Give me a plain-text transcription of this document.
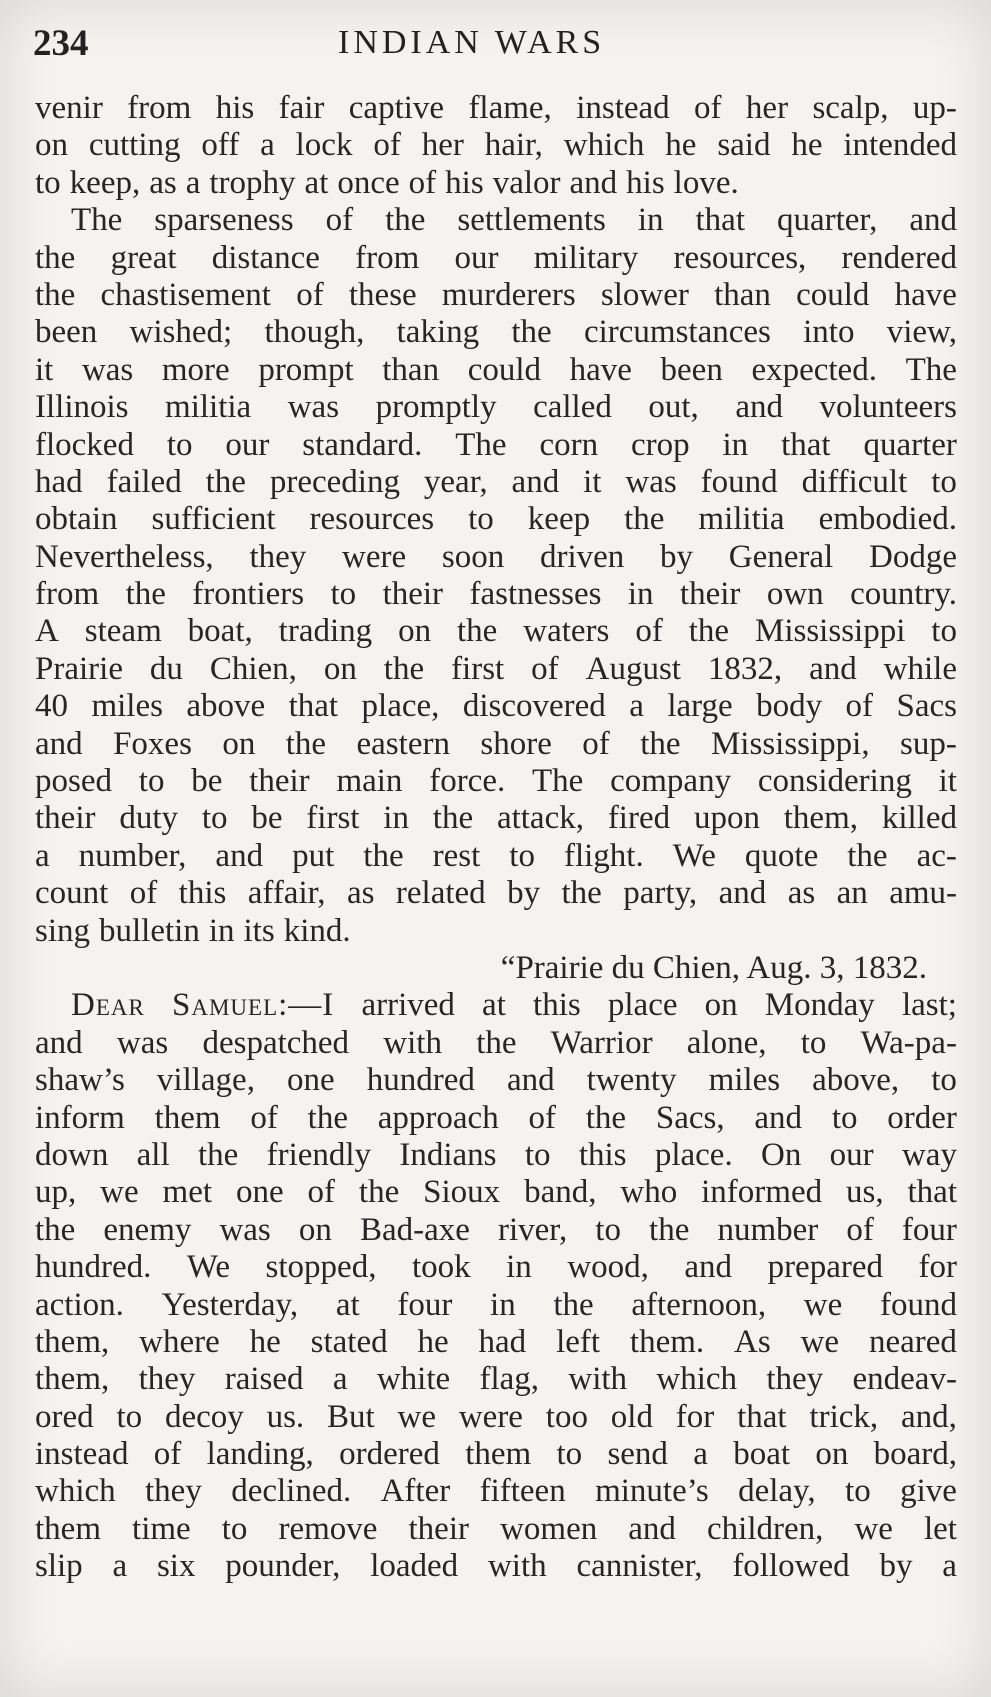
234	INDIAN WARS
venir from his fair captive flame, instead of her scalp, up-
on cutting off a lock of her hair, which he said he intended
to keep, as a trophy at once of his valor and his love.
The sparseness of the settlements in that quarter, and
the great distance from our military resources, rendered
the chastisement of these murderers slower than could have
been wished; though, taking the circumstances into view,
it was more prompt than could have been expected. The
Illinois militia was promptly called out, and volunteers
flocked to our standard. The corn crop in that quarter
had failed the preceding year, and it was found difficult to
obtain sufficient resources to keep the militia embodied.
Nevertheless, they were soon driven by General Dodge
from the frontiers to their fastnesses in their own country.
A steam boat, trading on the waters of the Mississippi to
Prairie du Chien, on the first of August 1832, and while
40 miles above that place, discovered a large body of Sacs
and Foxes on the eastern shore of the Mississippi, sup-
posed to be their main force. The company considering it
their duty to be first in the attack, fired upon them, killed
a number, and put the rest to flight. We quote the ac-
count of this affair, as related by the party, and as an amu-
sing bulletin in its kind.
“Prairie du Chien, Aug. 3, 1832.
Dear Samuel:—I arrived at this place on Monday last;
and was despatched with the Warrior alone, to Wa-pa-
shaw’s village, one hundred and twenty miles above, to
inform them of the approach of the Sacs, and to order
down all the friendly Indians to this place. On our way
up, we met one of the Sioux band, who informed us, that
the enemy was on Bad-axe river, to the number of four
hundred. We stopped, took in wood, and prepared for
action. Yesterday, at four in the afternoon, we found
them, where he stated he had left them. As we neared
them, they raised a white flag, with which they endeav-
ored to decoy us. But we were too old for that trick, and,
instead of landing, ordered them to send a boat on board,
which they declined. After fifteen minute’s delay, to give
them time to remove their women and children, we let
slip a six pounder, loaded with cannister, followed by a
